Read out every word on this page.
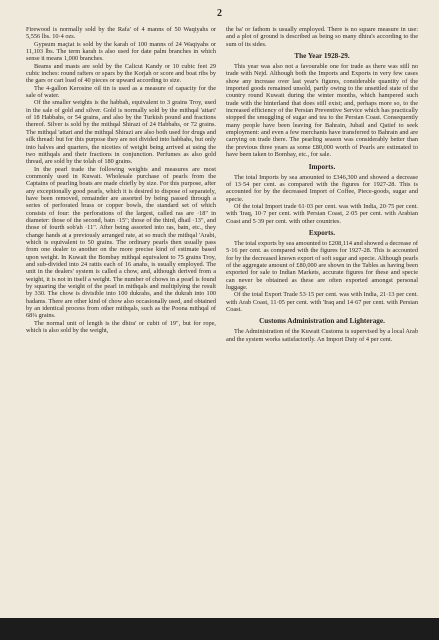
2

Firewood is normally sold by the Rafa' of 4 manns of 50 Waqiyahs or 5,556 lbs. 10·4 ozs.

Gypsum maçtat is sold by the karah of 100 manns of 24 Waqiyahs or 11,103 lbs. The term karah is also used for date palm branches in which sense it means 1,000 branches.

Beams and masts are sold by the Calicut Kandy or 10 cubic feet 29 cubic inches: round rafters or spars by the Korjah or score and boat ribs by the gars or cart load of 40 pieces or upward according to size.

The 4-gallon Kerosine oil tin is used as a measure of capacity for the sale of water.

Of the smaller weights is the habbah, equivalent to 3 grains Troy, used in the sale of gold and silver. Gold is normally sold by the mithqal 'attari' of 18 Habbahs, or 54 grains, and also by the Turkish pound and fractions thereof. Silver is sold by the mithqal Shirazi of 24 Habbahs, or 72 grains. The mithqal 'attari and the mithqal Shirazi are also both used for drugs and silk thread: but for this purpose they are not divided into habbahs, but only into halves and quarters, the niceties of weight being arrived at using the two mithqals and their fractions in conjunction. Perfumes as also gold thread, are sold by the tolah of 180 grains.

In the pearl trade the following weights and measures are most commonly used in Kuwait. Wholesale purchase of pearls from the Captains of pearling boats are made chiefly by size. For this purpose, after any exceptionally good pearls, which it is desired to dispose of separately, have been removed, remainder are assorted by being passed through a series of perforated brass or copper bowls, the standard set of which consists of four: the perforations of the largest, called ras are ·18" in diameter: those of the second, batn ·15"; those of the third, dhail ·13", and those of fourth sob'ah ·11". After being assorted into ras, batn, etc., they change hands at a previously arranged rate, at so much the mithqal 'Arabi, which is equivalent to 50 grains. The ordinary pearls then usually pass from one dealer to another on the more precise kind of estimate based upon weight. In Kuwait the Bombay mithqal equivalent to 75 grains Troy, and sub-divided into 24 rattis each of 16 anahs, is usually employed. The unit in the dealers' system is called a chow, and, although derived from a weight, it is not in itself a weight. The number of chows in a pearl is found by squaring the weight of the pearl in mithqals and multiplying the result by 330. The chow is divisible into 100 dukrahs, and the dukrah into 100 badams. There are other kind of chow also occasionally used, and obtained by an identical process from other mithqals, such as the Poona mithqal of 68¼ grains.

The normal unit of length is the dhira' or cubit of 19", but for rope, which is also sold by the weight,

the ba' or fathom is usually employed. There is no square measure in use: and a plot of ground is described as being so many dhira's according to the sum of its sides.

The Year 1928-29.

This year was also not a favourable one for trade as there was still no trade with Nejd. Although both the Imports and Exports in very few cases show any increase over last year's figures, considerable quantity of the imported goods remained unsold, partly owing to the unsettled state of the country round Kuwait during the winter months, which hampered such trade with the hinterland that does still exist; and, perhaps more so, to the increased efficiency of the Persian Preventive Service which has practically stopped the smuggling of sugar and tea to the Persian Coast. Consequently many people have been leaving for Bahrain, Jubail and Qatief to seek employment: and even a few merchants have transferred to Bahrain and are carrying on trade there. The pearling season was considerably better than the previous three years as some £80,000 worth of Pearls are estimated to have been taken to Bombay, etc., for sale.

Imports.

The total Imports by sea amounted to £346,300 and showed a decrease of 13·54 per cent. as compared with the figures for 1927-28. This is accounted for by the decreased Import of Coffee, Piece-goods, sugar and specie.

Of the total Import trade 61·03 per cent. was with India, 20·75 per cent. with 'Iraq, 10·7 per cent. with Persian Coast, 2·05 per cent. with Arabian Coast and 5·39 per cent. with other countries.

Exports.

The total exports by sea amounted to £208,114 and showed a decrease of 5·16 per cent. as compared with the figures for 1927-28. This is accounted for by the decreased known export of soft sugar and specie. Although pearls of the aggregate amount of £80,000 are shown in the Tables as having been exported for sale to Indian Markets, accurate figures for these and specie can never be obtained as these are often exported amongst personal luggage.

Of the total Export Trade 53·15 per cent. was with India, 21·13 per cent. with Arab Coast, 11·05 per cent. with 'Iraq and 14·67 per cent. with Persian Coast.

Customs Administration and Lighterage.

The Administration of the Kuwait Customs is supervised by a local Arab and the system works satisfactorily. An Import Duty of 4 per cent.
